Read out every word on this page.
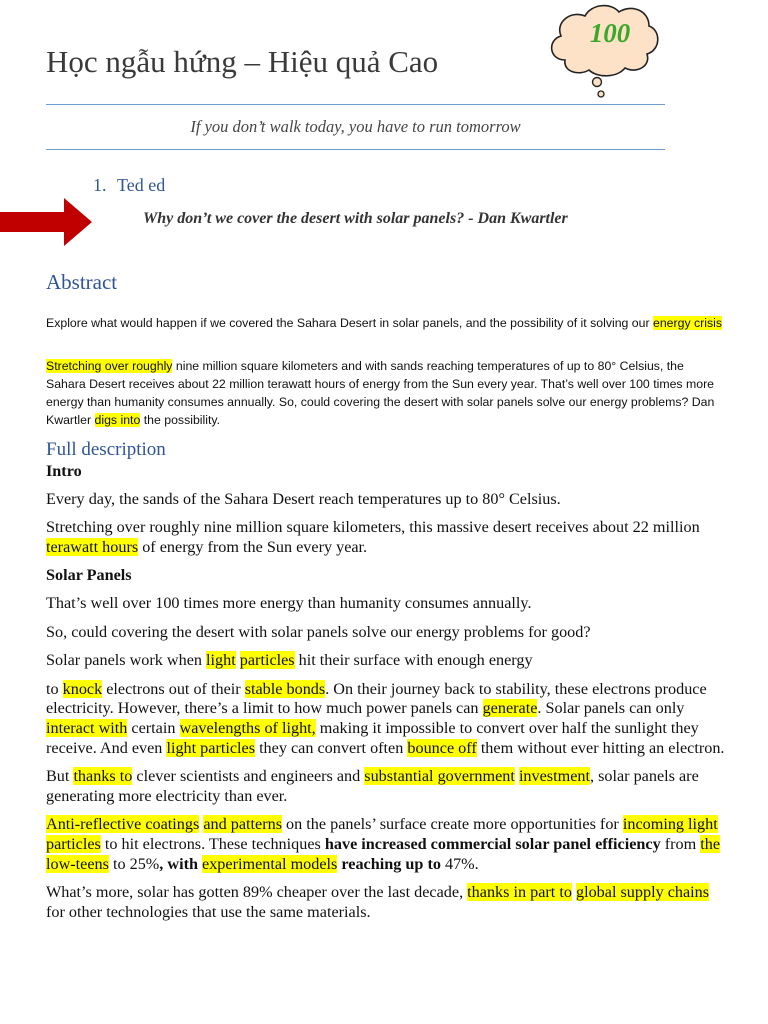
Học ngẫu hứng – Hiệu quả Cao
100
If you don’t walk today, you have to run tomorrow
1. Ted ed
Why don’t we cover the desert with solar panels? - Dan Kwartler
Abstract
Explore what would happen if we covered the Sahara Desert in solar panels, and the possibility of it solving our energy crisis
Stretching over roughly nine million square kilometers and with sands reaching temperatures of up to 80° Celsius, the Sahara Desert receives about 22 million terawatt hours of energy from the Sun every year. That’s well over 100 times more energy than humanity consumes annually. So, could covering the desert with solar panels solve our energy problems? Dan Kwartler digs into the possibility.
Full description

Intro

Every day, the sands of the Sahara Desert reach temperatures up to 80° Celsius.

Stretching over roughly nine million square kilometers, this massive desert receives about 22 million terawatt hours of energy from the Sun every year.

Solar Panels

That’s well over 100 times more energy than humanity consumes annually.

So, could covering the desert with solar panels solve our energy problems for good?

Solar panels work when light particles hit their surface with enough energy

to knock electrons out of their stable bonds. On their journey back to stability, these electrons produce electricity. However, there’s a limit to how much power panels can generate. Solar panels can only interact with certain wavelengths of light, making it impossible to convert over half the sunlight they receive. And even light particles they can convert often bounce off them without ever hitting an electron.

But thanks to clever scientists and engineers and substantial government investment, solar panels are generating more electricity than ever.

Anti-reflective coatings and patterns on the panels’ surface create more opportunities for incoming light particles to hit electrons. These techniques have increased commercial solar panel efficiency from the low-teens to 25%, with experimental models reaching up to 47%.

What’s more, solar has gotten 89% cheaper over the last decade, thanks in part to global supply chains for other technologies that use the same materials.
